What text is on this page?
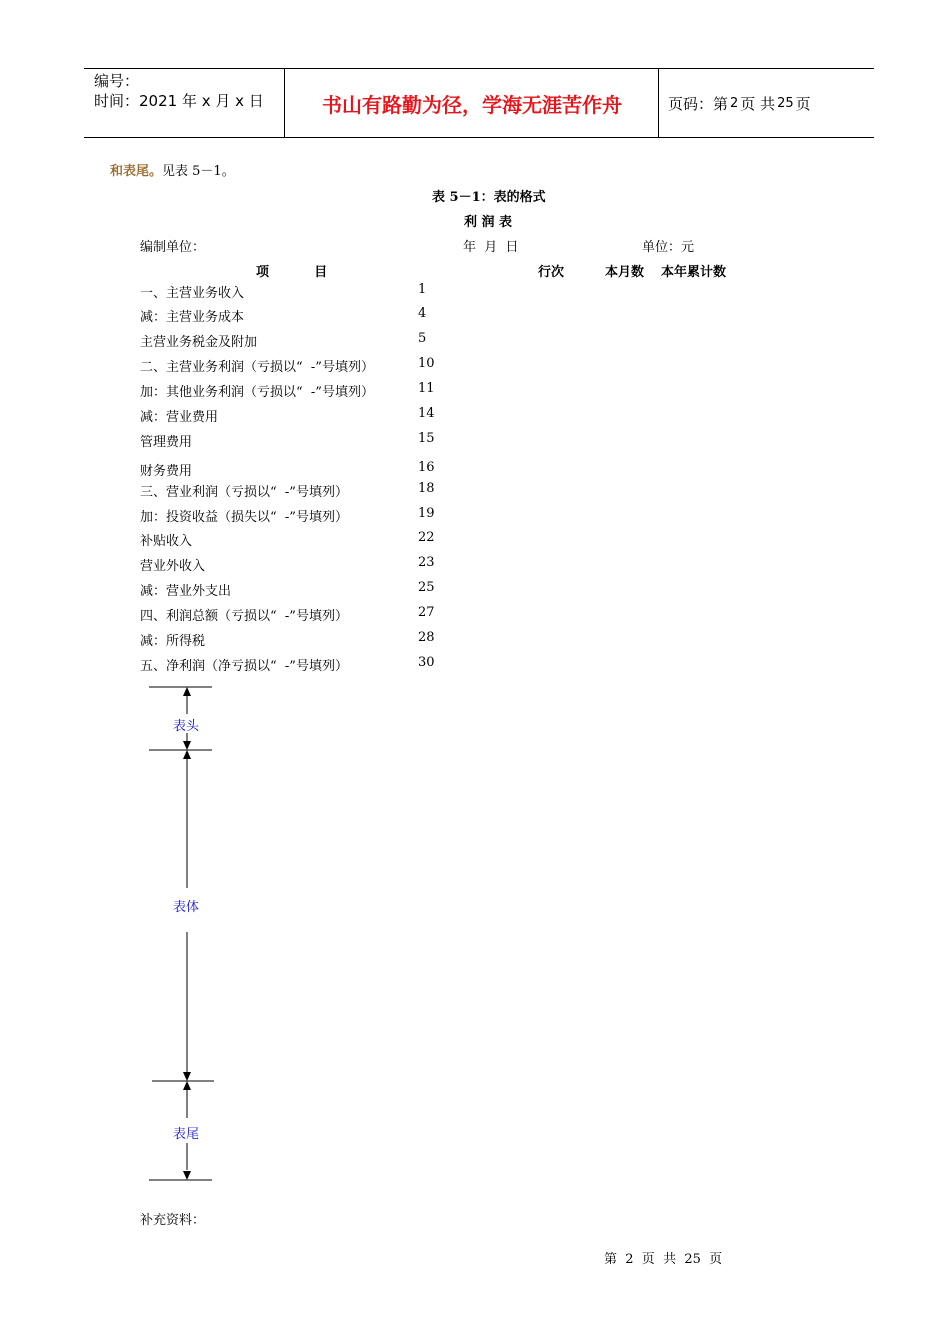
编号：
时间：2021 年 x 月 x 日	书山有路勤为径，学海无涯苦作舟	页码：第 2 页 共 25 页
和表尾。见表 5－1。
表 5－1：表的格式
利 润 表
编制单位：	年  月  日	单位：元
项          目	行次	本月数 本年累计数
一、主营业务收入	1
减：主营业务成本	4
主营业务税金及附加	5
二、主营业务利润（亏损以“  -”号填列）	10
加：其他业务利润（亏损以“  -”号填列）	11
减：营业费用	14
管理费用	15
财务费用	16
三、营业利润（亏损以“  -”号填列）	18
加：投资收益（损失以“  -”号填列）	19
补贴收入	22
营业外收入	23
减：营业外支出	25
四、利润总额（亏损以“  -”号填列）	27
减：所得税	28
五、净利润（净亏损以“  -”号填列）	30
表头
表体
表尾
补充资料：
第  2  页  共  25  页
